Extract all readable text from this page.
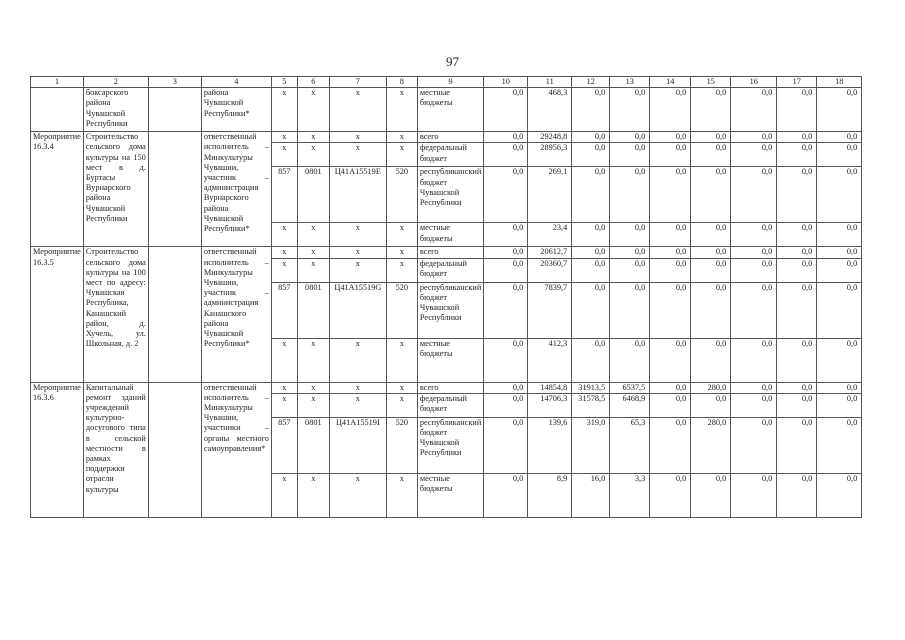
97
1	2	3	4	5	6	7	8	9	10	11	12	13	14	15	16	17	18
	боксарского района Чувашской Республики		района Чувашской Республики*	x	x	x	x	местные бюджеты	0,0	468,3	0,0	0,0	0,0	0,0	0,0	0,0	0,0
Мероприятие 16.3.4	Строительство сельского дома культуры на 150 мест в д. Буртасы Вурнарского района Чувашской Республики		ответственный исполнитель – Минкультуры Чувашии, участник – администрация Вурнарского района Чувашской Республики*	x	x	x	x	всего	0,0	29248,8	0,0	0,0	0,0	0,0	0,0	0,0	0,0
				x	x	x	x	федеральный бюджет	0,0	28956,3	0,0	0,0	0,0	0,0	0,0	0,0	0,0
				857	0801	Ц41А15519Е	520	республиканский бюджет Чувашской Республики	0,0	269,1	0,0	0,0	0,0	0,0	0,0	0,0	0,0
				x	x	x	x	местные бюджеты	0,0	23,4	0,0	0,0	0,0	0,0	0,0	0,0	0,0
Мероприятие 16.3.5	Строительство сельского дома культуры на 100 мест по адресу: Чувашская Республика, Канашский район, д. Хучель, ул. Школьная, д. 2		ответственный исполнитель – Минкультуры Чувашии, участник – администрация Канашского района Чувашской Республики*	x	x	x	x	всего	0,0	20612,7	0,0	0,0	0,0	0,0	0,0	0,0	0,0
				x	x	x	x	федеральный бюджет	0,0	20360,7	0,0	0,0	0,0	0,0	0,0	0,0	0,0
				857	0801	Ц41А15519G	520	республиканский бюджет Чувашской Республики	0,0	7839,7	0,0	0,0	0,0	0,0	0,0	0,0	0,0
				x	x	x	x	местные бюджеты	0,0	412,3	0,0	0,0	0,0	0,0	0,0	0,0	0,0
Мероприятие 16.3.6	Капитальный ремонт зданий учреждений культурно-досугового типа в сельской местности в рамках поддержки отрасли культуры		ответственный исполнитель – Минкультуры Чувашии, участники – органы местного самоуправления*	x	x	x	x	всего	0,0	14854,8	31913,5	6537,5	0,0	280,0	0,0	0,0	0,0
				x	x	x	x	федеральный бюджет	0,0	14706,3	31578,5	6468,9	0,0	0,0	0,0	0,0	0,0
				857	0801	Ц41А15519I	520	республиканский бюджет Чувашской Республики	0,0	139,6	319,0	65,3	0,0	280,0	0,0	0,0	0,0
				x	x	x	x	местные бюджеты	0,0	8,9	16,0	3,3	0,0	0,0	0,0	0,0	0,0
